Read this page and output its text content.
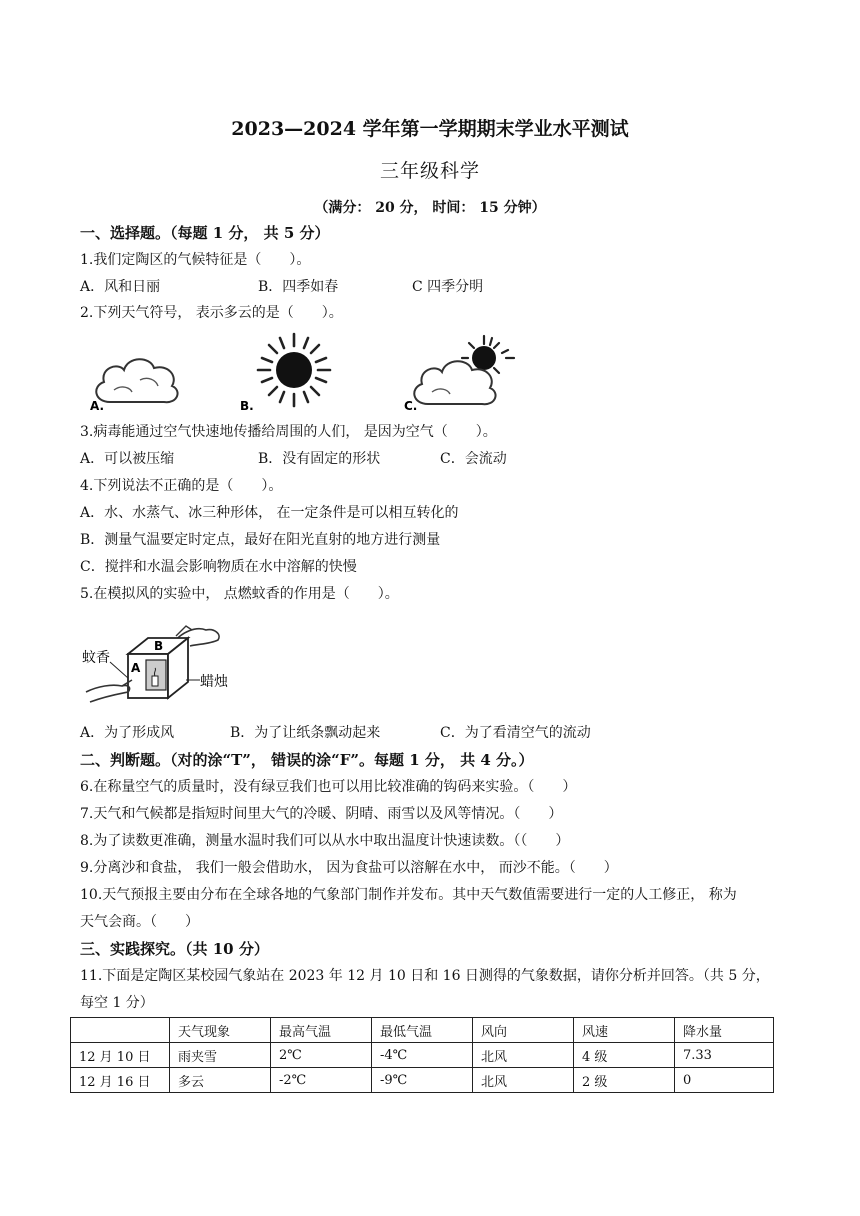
2023—2024 学年第一学期期末学业水平测试
三年级科学
（满分： 20 分， 时间： 15 分钟）
一、选择题。（每题 1 分， 共 5 分）
1.我们定陶区的气候特征是（　　）。
A．风和日丽	B．四季如春	C 四季分明
2.下列天气符号， 表示多云的是（　　）。
A.	B.	C.
3.病毒能通过空气快速地传播给周围的人们， 是因为空气（　　）。
A．可以被压缩	B．没有固定的形状	C．会流动
4.下列说法不正确的是（　　）。
A．水、水蒸气、冰三种形体， 在一定条件是可以相互转化的
B．测量气温要定时定点，最好在阳光直射的地方进行测量
C．搅拌和水温会影响物质在水中溶解的快慢
5.在模拟风的实验中， 点燃蚊香的作用是（　　）。
A
B
蚊香
蜡烛
A．为了形成风	B．为了让纸条飘动起来	C．为了看清空气的流动
二、判断题。（对的涂“T”， 错误的涂“F”。每题 1 分， 共 4 分。）
6.在称量空气的质量时，没有绿豆我们也可以用比较准确的钩码来实验。（　　）
7.天气和气候都是指短时间里大气的冷暖、阴晴、雨雪以及风等情况。（　　）
8.为了读数更准确，测量水温时我们可以从水中取出温度计快速读数。（（　　）
9.分离沙和食盐， 我们一般会借助水， 因为食盐可以溶解在水中， 而沙不能。（　　）
10.天气预报主要由分布在全球各地的气象部门制作并发布。其中天气数值需要进行一定的人工修正， 称为
天气会商。（　　）
三、实践探究。（共 10 分）
11.下面是定陶区某校园气象站在 2023 年 12 月 10 日和 16 日测得的气象数据，请你分析并回答。（共 5 分，
每空 1 分）
	天气现象	最高气温	最低气温	风向	风速	降水量
12 月 10 日	雨夹雪	2℃	-4℃	北风	4 级	7.33
12 月 16 日	多云	-2℃	-9℃	北风	2 级	0
